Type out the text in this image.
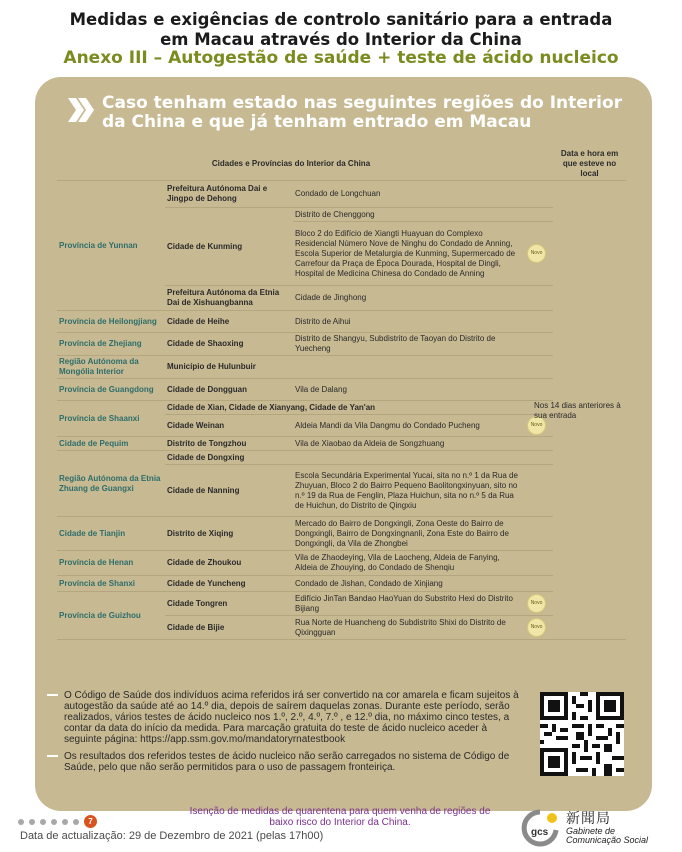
Medidas e exigências de controlo sanitário para a entrada em Macau através do Interior da China
Anexo III – Autogestão de saúde + teste de ácido nucleico
Caso tenham estado nas seguintes regiões do Interior da China e que já tenham entrado em Macau
Cidades e Províncias do Interior da China				Data e hora em que esteve no local
Província de Yunnan	Prefeitura Autónoma Dai e Jingpo de Dehong	Condado de Longchuan		
	Cidade de Kunming	Distrito de Chenggong		
		Bloco 2 do Edifício de Xiangti Huayuan do Complexo Residencial Número Nove de Ninghu do Condado de Anning, Escola Superior de Metalurgia de Kunming, Supermercado de Carrefour da Praça de Época Dourada, Hospital de Dingli, Hospital de Medicina Chinesa do Condado de Anning	Novo	
	Prefeitura Autónoma da Etnia Dai de Xishuangbanna	Cidade de Jinghong		
Província de Heilongjiang	Cidade de Heihe	Distrito de Aihui		
Província de Zhejiang	Cidade de Shaoxing	Distrito de Shangyu, Subdistrito de Taoyan do Distrito de Yuecheng		
Região Autónoma da Mongólia Interior	Município de Hulunbuir			
Província de Guangdong	Cidade de Dongguan	Vila de Dalang		
Província de Shaanxi	Cidade de Xian, Cidade de Xianyang, Cidade de Yan'an			
	Cidade Weinan	Aldeia Mandi da Vila Dangmu do Condado Pucheng	Novo	
Cidade de Pequim	Distrito de Tongzhou	Vila de Xiaobao da Aldeia de Songzhuang		
Região Autónoma da Etnia Zhuang de Guangxi	Cidade de Dongxing			
	Cidade de Nanning	Escola Secundária Experimental Yucai, sita no n.º 1 da Rua de Zhuyuan, Bloco 2 do Bairro Pequeno Baolitongxinyuan, sito no n.º 19 da Rua de Fenglin, Plaza Huichun, sita no n.º 5 da Rua de Huichun, do Distrito de Qingxiu		
Cidade de Tianjin	Distrito de Xiqing	Mercado do Bairro de Dongxingli, Zona Oeste do Bairro de Dongxingli, Bairro de Dongxingnanli, Zona Este do Bairro de Dongxingli, da Vila de Zhongbei		
Província de Henan	Cidade de Zhoukou	Vila de Zhaodeying, Vila de Laocheng, Aldeia de Fanying, Aldeia de Zhouying, do Condado de Shenqiu		
Província de Shanxi	Cidade de Yuncheng	Condado de Jishan, Condado de Xinjiang		
Província de Guizhou	Cidade Tongren	Edifício JinTan Bandao HaoYuan do Substrito Hexi do Distrito Bijiang	Novo	
	Cidade de Bijie	Rua Norte de Huancheng do Subdistrito Shixi do Distrito de Qixingguan	Novo	
Nos 14 dias anteriores à sua entrada
O Código de Saúde dos indivíduos acima referidos irá ser convertido na cor amarela e ficam sujeitos à autogestão da saúde até ao 14.º dia, depois de saírem daquelas zonas. Durante este período, serão realizados, vários testes de ácido nucleico nos 1.º, 2.º, 4.º, 7.º , e 12.º dia, no máximo cinco testes, a contar da data do início da medida. Para marcação gratuita do teste de ácido nucleico aceder à seguinte página: https://app.ssm.gov.mo/mandatoryrnatestbook
Os resultados dos referidos testes de ácido nucleico não serão carregados no sistema de Código de Saúde, pelo que não serão permitidos para o uso de passagem fronteiriça.
7
Isenção de medidas de quarentena para quem venha de regiões de baixo risco do Interior da China.
Data de actualização: 29 de Dezembro de 2021 (pelas 17h00)	gcs
新聞局
Gabinete de
Comunicação Social
